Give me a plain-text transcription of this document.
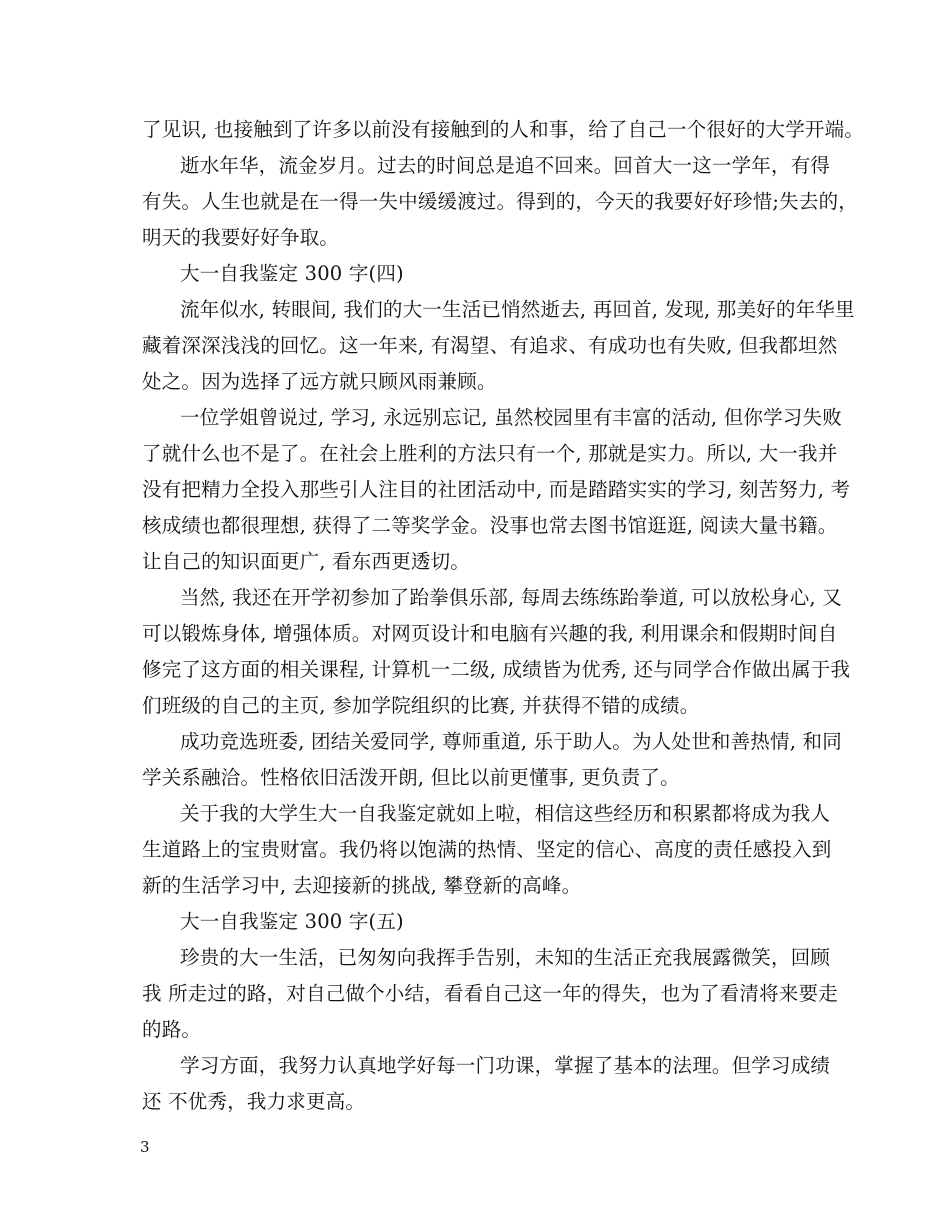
了见识, 也接触到了许多以前没有接触到的人和事，给了自己一个很好的大学开端。
逝水年华，流金岁月。过去的时间总是追不回来。回首大一这一学年，有得
有失。人生也就是在一得一失中缓缓渡过。得到的，今天的我要好好珍惜;失去的，
明天的我要好好争取。
大一自我鉴定 300 字(四)
流年似水, 转眼间, 我们的大一生活已悄然逝去, 再回首, 发现, 那美好的年华里
藏着深深浅浅的回忆。这一年来, 有渴望、有追求、有成功也有失败, 但我都坦然
处之。因为选择了远方就只顾风雨兼顾。
一位学姐曾说过, 学习, 永远别忘记, 虽然校园里有丰富的活动, 但你学习失败
了就什么也不是了。在社会上胜利的方法只有一个, 那就是实力。所以, 大一我并
没有把精力全投入那些引人注目的社团活动中, 而是踏踏实实的学习, 刻苦努力, 考
核成绩也都很理想, 获得了二等奖学金。没事也常去图书馆逛逛, 阅读大量书籍。
让自己的知识面更广, 看东西更透切。
当然, 我还在开学初参加了跆拳俱乐部, 每周去练练跆拳道, 可以放松身心, 又
可以锻炼身体, 增强体质。对网页设计和电脑有兴趣的我, 利用课余和假期时间自
修完了这方面的相关课程, 计算机一二级, 成绩皆为优秀, 还与同学合作做出属于我
们班级的自己的主页, 参加学院组织的比赛, 并获得不错的成绩。
成功竞选班委, 团结关爱同学, 尊师重道, 乐于助人。为人处世和善热情, 和同
学关系融洽。性格依旧活泼开朗, 但比以前更懂事, 更负责了。
关于我的大学生大一自我鉴定就如上啦，相信这些经历和积累都将成为我人
生道路上的宝贵财富。我仍将以饱满的热情、坚定的信心、高度的责任感投入到
新的生活学习中, 去迎接新的挑战, 攀登新的高峰。
大一自我鉴定 300 字(五)
珍贵的大一生活，已匆匆向我挥手告别，未知的生活正充我展露微笑，回顾
我 所走过的路，对自己做个小结，看看自己这一年的得失，也为了看清将来要走
的路。
学习方面，我努力认真地学好每一门功课，掌握了基本的法理。但学习成绩
还 不优秀，我力求更高。
3
